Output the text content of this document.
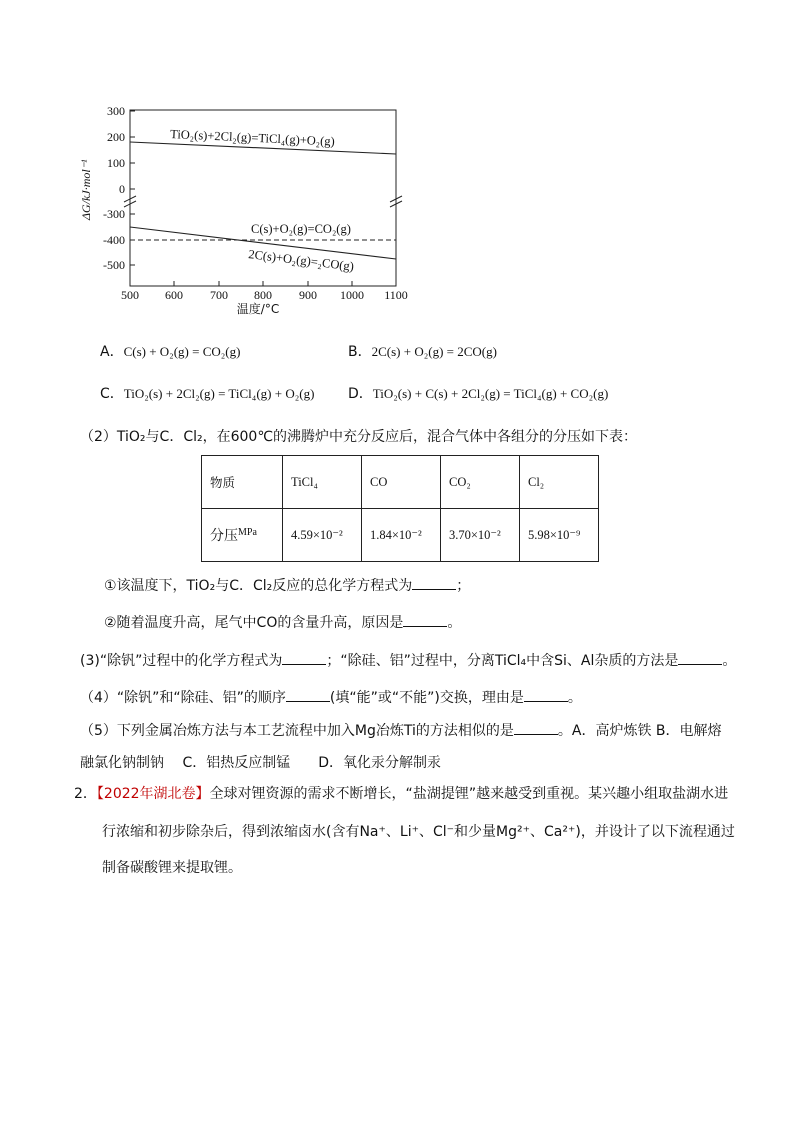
300
200
100
0
-300
-400
-500
500 600 700 800 900 1000 1100
温度/°C
ΔG/kJ·mol⁻¹
TiO₂(s)+2Cl₂(g)=TiCl₄(g)+O₂(g)
C(s)+O₂(g)=CO₂(g)
2C(s)+O₂(g)=₂CO(g)
A．C(s) + O₂(g) = CO₂(g)	B．2C(s) + O₂(g) = 2CO(g)
C．TiO₂(s) + 2Cl₂(g) = TiCl₄(g) + O₂(g) D．TiO₂(s) + C(s) + 2Cl₂(g) = TiCl₄(g) + CO₂(g)
（2）TiO₂与C．Cl₂，在600℃的沸腾炉中充分反应后，混合气体中各组分的分压如下表：
物质	TiCl₄	CO	CO₂	Cl₂
分压$^{MPa}$	4.59×10⁻²	1.84×10⁻²	3.70×10⁻²	5.98×10⁻⁹
①该温度下，TiO₂与C．Cl₂反应的总化学方程式为	；
②随着温度升高，尾气中CO的含量升高，原因是	。
(3)“除钒”过程中的化学方程式为	；“除硅、铝”过程中，分离TiCl₄中含Si、Al杂质的方法是	。
（4）“除钒”和“除硅、铝”的顺序	(填“能”或“不能”)交换，理由是	。
（5）下列金属冶炼方法与本工艺流程中加入Mg冶炼Ti的方法相似的是	。A．高炉炼铁 B．电解熔
融氯化钠制钠　 C．铝热反应制锰　　D．氧化汞分解制汞
2．【2022年湖北卷】全球对锂资源的需求不断增长，“盐湖提锂”越来越受到重视。某兴趣小组取盐湖水进
行浓缩和初步除杂后，得到浓缩卤水(含有Na⁺、Li⁺、Cl⁻和少量Mg²⁺、Ca²⁺)，并设计了以下流程通过
制备碳酸锂来提取锂。
